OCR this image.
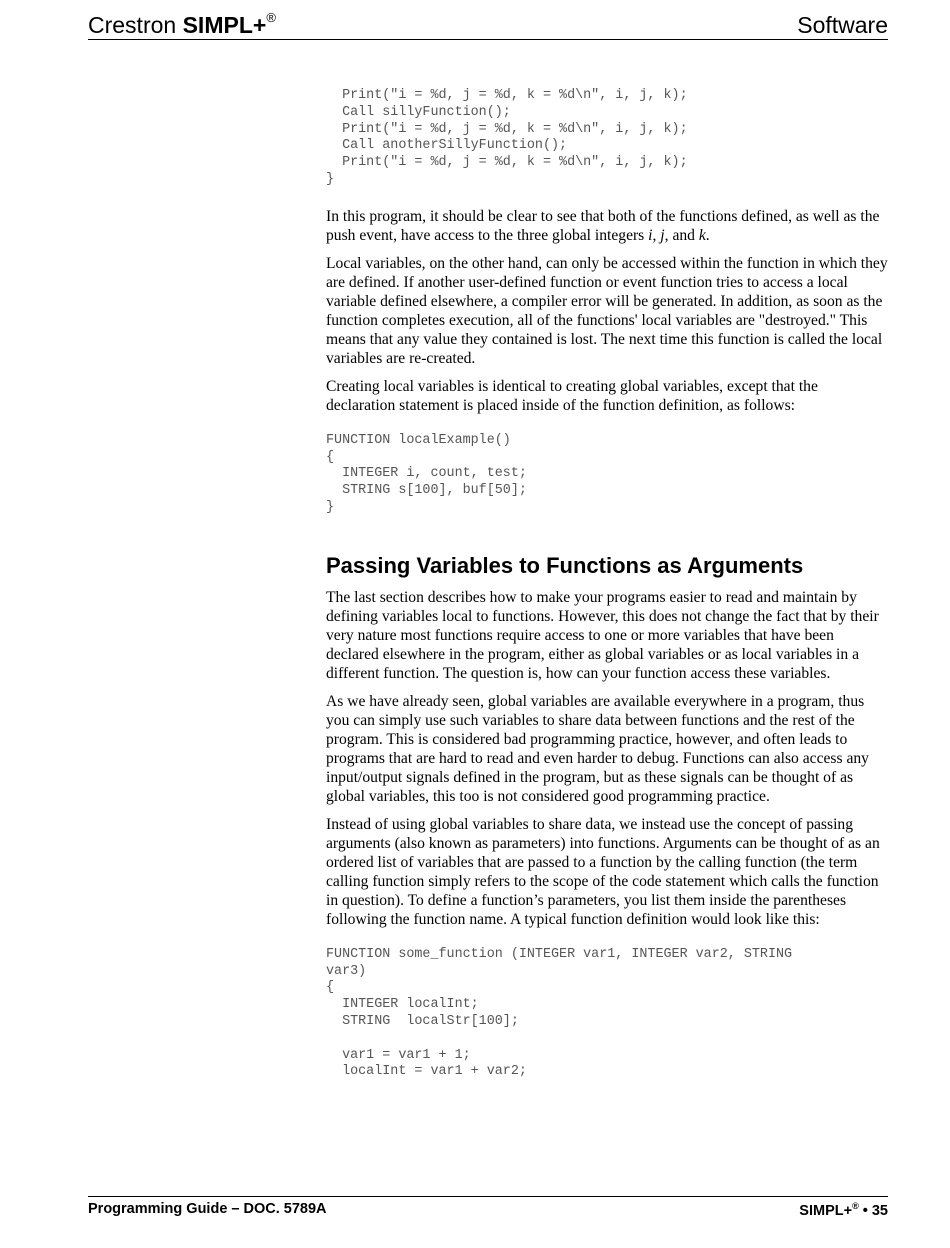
Crestron SIMPL+®	Software
Print("i = %d, j = %d, k = %d\n", i, j, k);
Call sillyFunction();
Print("i = %d, j = %d, k = %d\n", i, j, k);
Call anotherSillyFunction();
Print("i = %d, j = %d, k = %d\n", i, j, k);
}

In this program, it should be clear to see that both of the functions defined, as well as the push event, have access to the three global integers i, j, and k.

Local variables, on the other hand, can only be accessed within the function in which they are defined. If another user-defined function or event function tries to access a local variable defined elsewhere, a compiler error will be generated. In addition, as soon as the function completes execution, all of the functions' local variables are "destroyed." This means that any value they contained is lost. The next time this function is called the local variables are re-created.

Creating local variables is identical to creating global variables, except that the declaration statement is placed inside of the function definition, as follows:

FUNCTION localExample()
{
INTEGER i, count, test;
STRING s[100], buf[50];
}
Passing Variables to Functions as Arguments

The last section describes how to make your programs easier to read and maintain by defining variables local to functions. However, this does not change the fact that by their very nature most functions require access to one or more variables that have been declared elsewhere in the program, either as global variables or as local variables in a different function. The question is, how can your function access these variables.

As we have already seen, global variables are available everywhere in a program, thus you can simply use such variables to share data between functions and the rest of the program. This is considered bad programming practice, however, and often leads to programs that are hard to read and even harder to debug. Functions can also access any input/output signals defined in the program, but as these signals can be thought of as global variables, this too is not considered good programming practice.

Instead of using global variables to share data, we instead use the concept of passing arguments (also known as parameters) into functions. Arguments can be thought of as an ordered list of variables that are passed to a function by the calling function (the term calling function simply refers to the scope of the code statement which calls the function in question). To define a function’s parameters, you list them inside the parentheses following the function name. A typical function definition would look like this:

FUNCTION some_function (INTEGER var1, INTEGER var2, STRING
var3)
{
INTEGER localInt;
STRING  localStr[100];

var1 = var1 + 1;
localInt = var1 + var2;
Programming Guide – DOC. 5789A	SIMPL+® • 35
